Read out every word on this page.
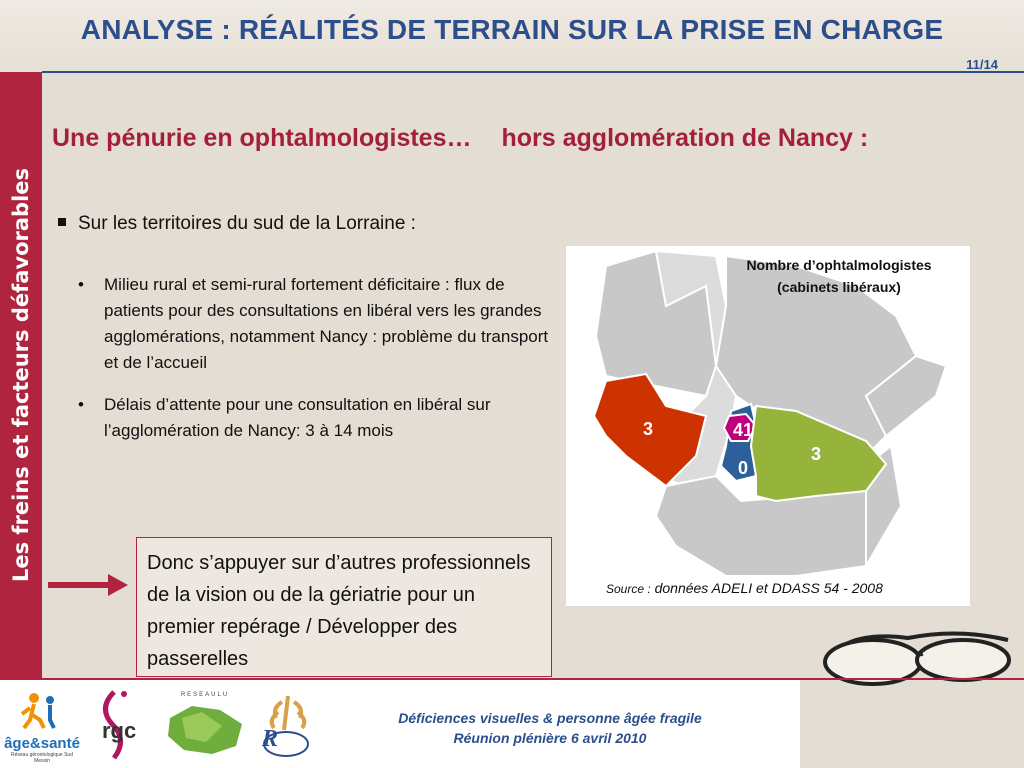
ANALYSE : RÉALITÉS DE TERRAIN SUR LA PRISE EN CHARGE
11/14
Les freins et facteurs défavorables
Une pénurie en ophtalmologistes… hors agglomération de Nancy :
Sur les territoires du sud de la Lorraine :
• Milieu rural et semi-rural fortement déficitaire : flux de patients pour des consultations en libéral vers les grandes agglomérations, notamment Nancy : problème du transport et de l’accueil
• Délais d’attente pour une consultation en libéral sur l’agglomération de Nancy: 3 à 14 mois	3	41
0
3
Nombre d’ophtalmologistes
(cabinets libéraux)
Source : données ADELI et DDASS 54 - 2008
Donc s’appuyer sur d’autres professionnels de la vision ou de la gériatrie pour un premier repérage / Développer des passerelles
âge&santé
Réseau gérontologique Sud Messin
rgc
RESEAULU
R
Déficiences visuelles & personne âgée fragile
Réunion plénière 6 avril 2010
